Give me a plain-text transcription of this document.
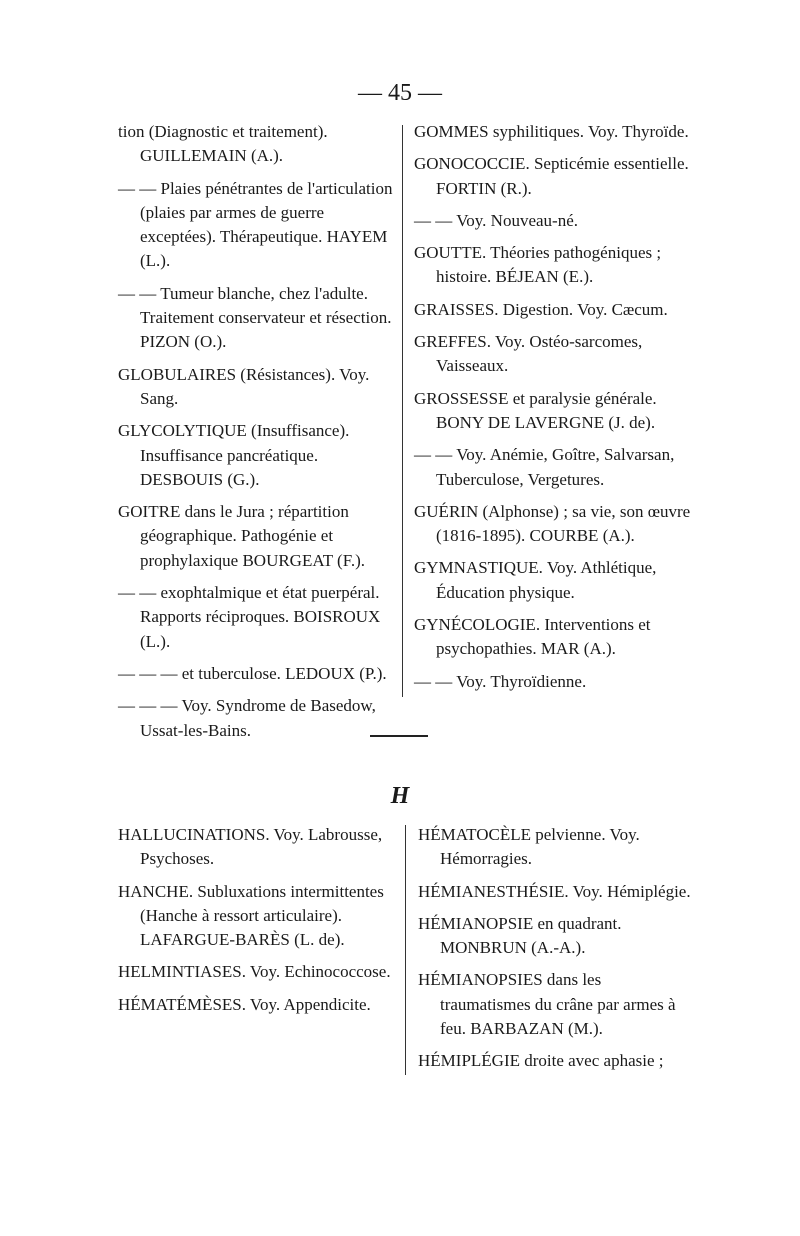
— 45 —

tion (Diagnostic et traitement). GUILLEMAIN (A.).

— — Plaies pénétrantes de l'articulation (plaies par armes de guerre exceptées). Thérapeutique. HAYEM (L.).

— — Tumeur blanche, chez l'adulte. Traitement conservateur et résection. PIZON (O.).

GLOBULAIRES (Résistances). Voy. Sang.

GLYCOLYTIQUE (Insuffisance). Insuffisance pancréatique. DESBOUIS (G.).

GOITRE dans le Jura ; répartition géographique. Pathogénie et prophylaxique BOURGEAT (F.).

— — exophtalmique et état puerpéral. Rapports réciproques. BOISROUX (L.).

— — — et tuberculose. LEDOUX (P.).

— — — Voy. Syndrome de Basedow, Ussat-les-Bains.

GOMMES syphilitiques. Voy. Thyroïde.

GONOCOCCIE. Septicémie essentielle. FORTIN (R.).

— — Voy. Nouveau-né.

GOUTTE. Théories pathogéniques ; histoire. BÉJEAN (E.).

GRAISSES. Digestion. Voy. Cæcum.

GREFFES. Voy. Ostéo-sarcomes, Vaisseaux.

GROSSESSE et paralysie générale. BONY DE LAVERGNE (J. de).

— — Voy. Anémie, Goître, Salvarsan, Tuberculose, Vergetures.

GUÉRIN (Alphonse) ; sa vie, son œuvre (1816-1895). COURBE (A.).

GYMNASTIQUE. Voy. Athlétique, Éducation physique.

GYNÉCOLOGIE. Interventions et psychopathies. MAR (A.).

— — Voy. Thyroïdienne.

H

HALLUCINATIONS. Voy. Labrousse, Psychoses.

HANCHE. Subluxations intermittentes (Hanche à ressort articulaire). LAFARGUE-BARÈS (L. de).

HELMINTIASES. Voy. Echinococcose.

HÉMATÉMÈSES. Voy. Appendicite.

HÉMATOCÈLE pelvienne. Voy. Hémorragies.

HÉMIANESTHÉSIE. Voy. Hémiplégie.

HÉMIANOPSIE en quadrant. MONBRUN (A.-A.).

HÉMIANOPSIES dans les traumatismes du crâne par armes à feu. BARBAZAN (M.).

HÉMIPLÉGIE droite avec aphasie ;
